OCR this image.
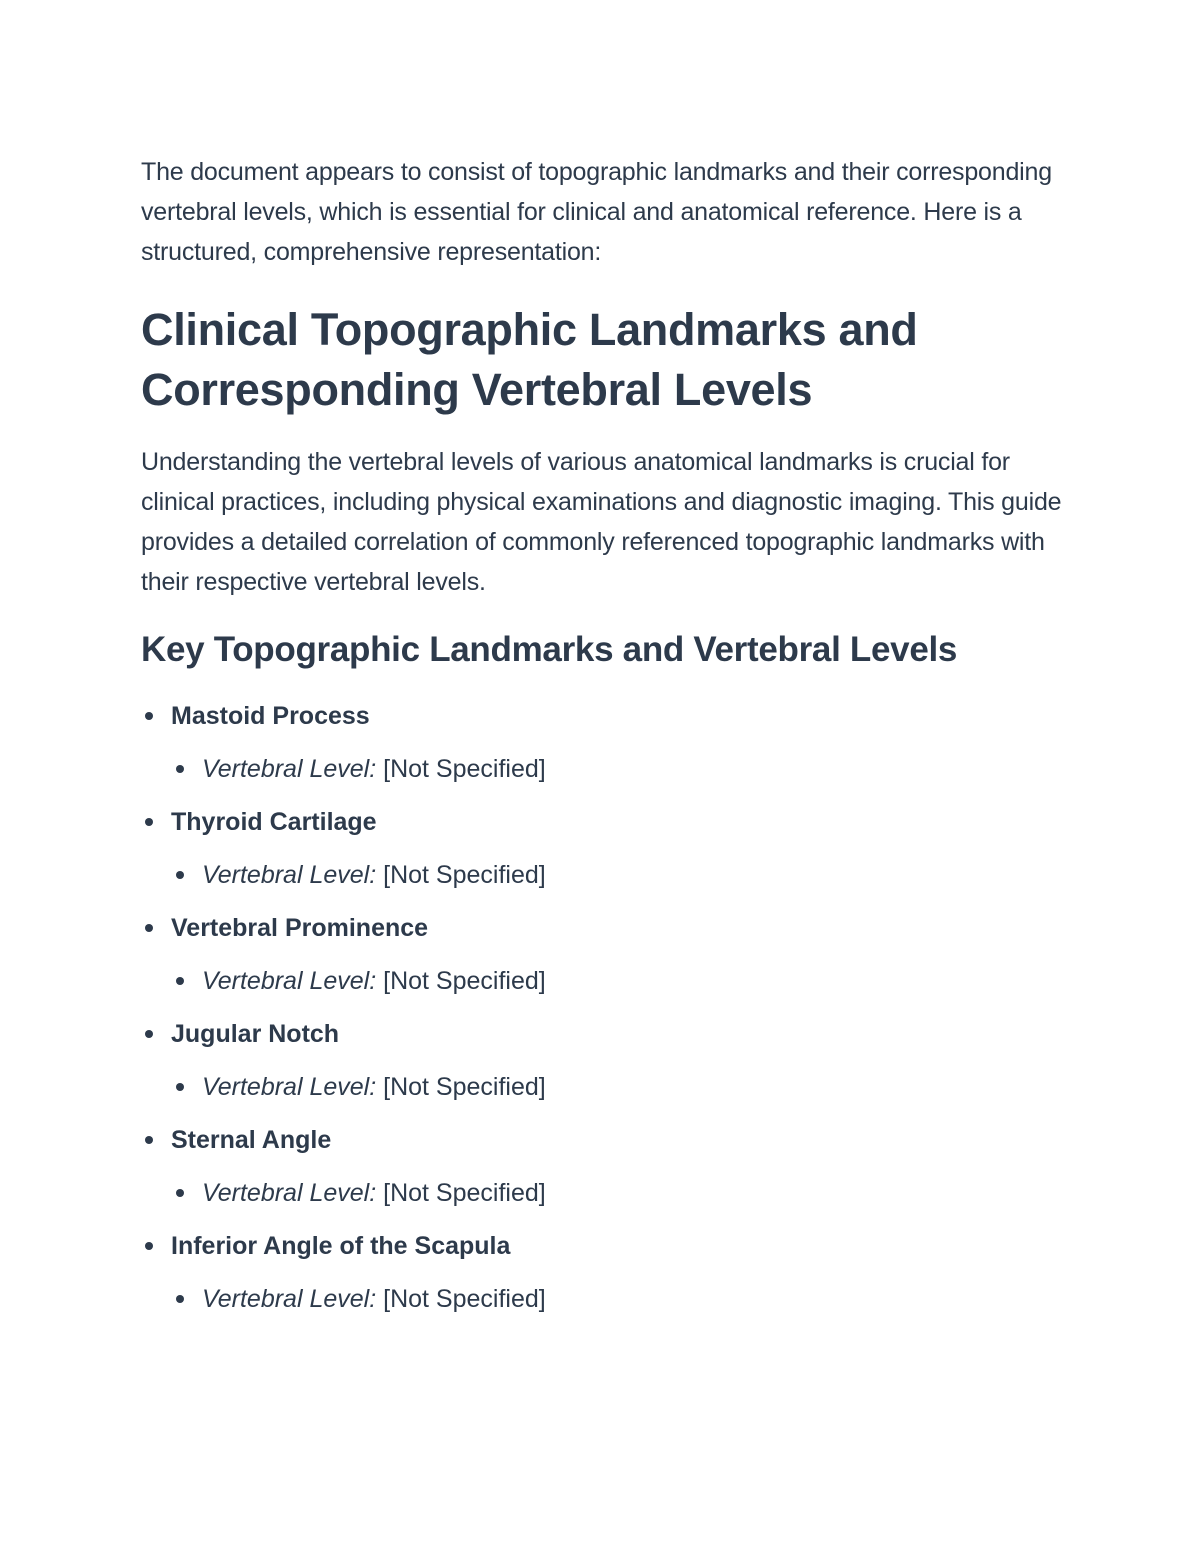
The document appears to consist of topographic landmarks and their corresponding vertebral levels, which is essential for clinical and anatomical reference. Here is a structured, comprehensive representation:

Clinical Topographic Landmarks and Corresponding Vertebral Levels

Understanding the vertebral levels of various anatomical landmarks is crucial for clinical practices, including physical examinations and diagnostic imaging. This guide provides a detailed correlation of commonly referenced topographic landmarks with their respective vertebral levels.

Key Topographic Landmarks and Vertebral Levels
Mastoid Process
Vertebral Level: [Not Specified]
Thyroid Cartilage
Vertebral Level: [Not Specified]
Vertebral Prominence
Vertebral Level: [Not Specified]
Jugular Notch
Vertebral Level: [Not Specified]
Sternal Angle
Vertebral Level: [Not Specified]
Inferior Angle of the Scapula
Vertebral Level: [Not Specified]
